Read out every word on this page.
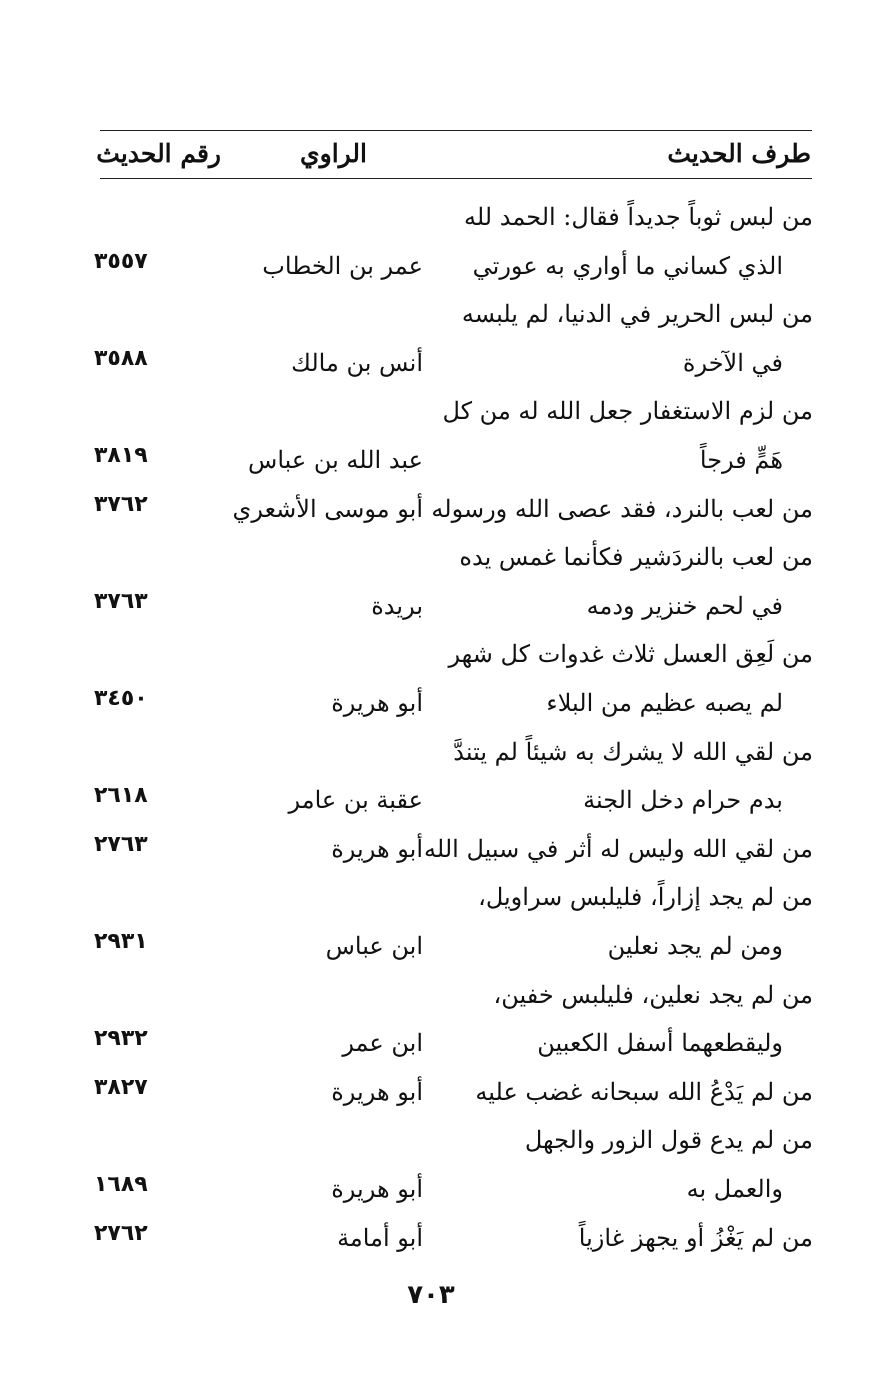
طرف الحديث
الراوي
رقم الحديث
من لبس ثوباً جديداً فقال: الحمد لله
الذي كساني ما أواري به عورتي
عمر بن الخطاب
٣٥٥٧
من لبس الحرير في الدنيا، لم يلبسه
في الآخرة
أنس بن مالك
٣٥٨٨
من لزم الاستغفار جعل الله له من كل
هَمٍّ فرجاً
عبد الله بن عباس
٣٨١٩
من لعب بالنرد، فقد عصى الله ورسوله
أبو موسى الأشعري
٣٧٦٢
من لعب بالنردَشير فكأنما غمس يده
في لحم خنزير ودمه
بريدة
٣٧٦٣
من لَعِق العسل ثلاث غدوات كل شهر
لم يصبه عظيم من البلاء
أبو هريرة
٣٤٥٠
من لقي الله لا يشرك به شيئاً لم يتندَّ
بدم حرام دخل الجنة
عقبة بن عامر
٢٦١٨
من لقي الله وليس له أثر في سبيل الله
أبو هريرة
٢٧٦٣
من لم يجد إزاراً، فليلبس سراويل،
ومن لم يجد نعلين
ابن عباس
٢٩٣١
من لم يجد نعلين، فليلبس خفين،
وليقطعهما أسفل الكعبين
ابن عمر
٢٩٣٢
من لم يَدْعُ الله سبحانه غضب عليه
أبو هريرة
٣٨٢٧
من لم يدع قول الزور والجهل
والعمل به
أبو هريرة
١٦٨٩
من لم يَغْزُ أو يجهز غازياً
أبو أمامة
٢٧٦٢
٧٠٣
